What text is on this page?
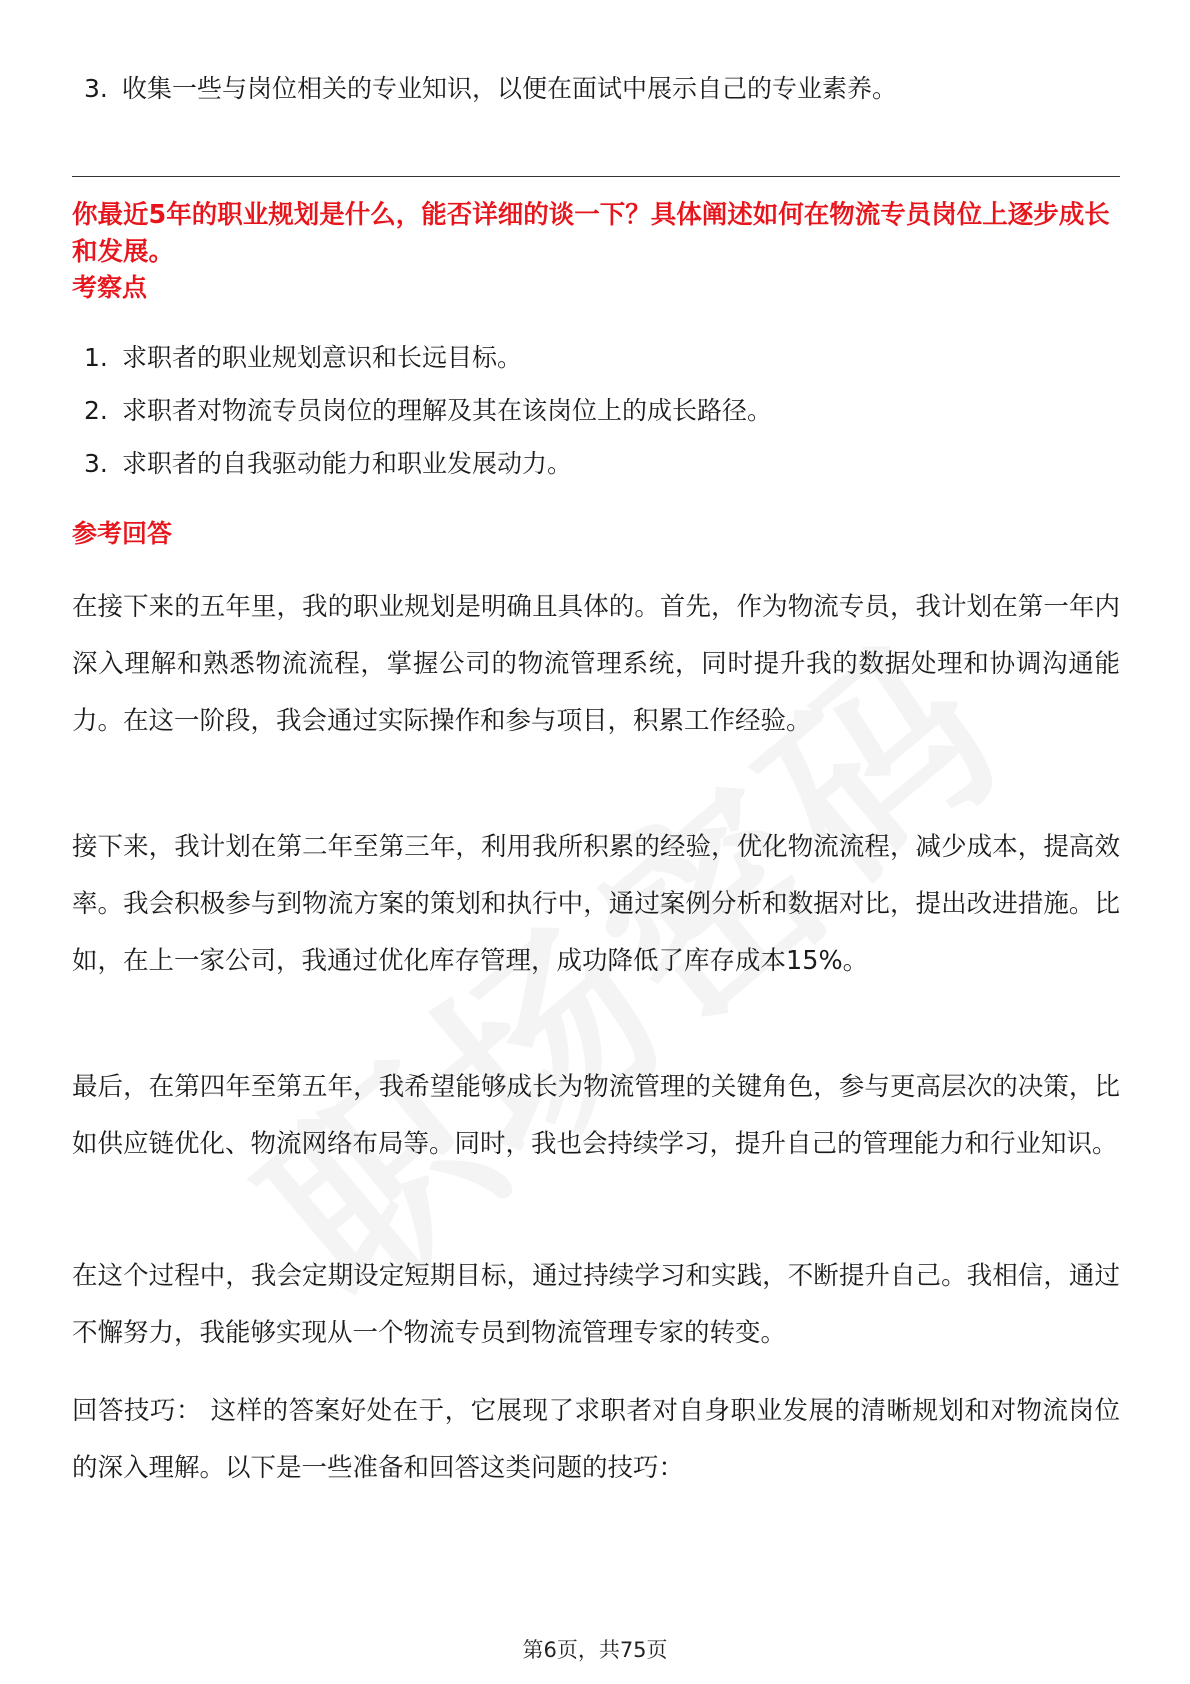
3. 收集一些与岗位相关的专业知识，以便在面试中展示自己的专业素养。
你最近5年的职业规划是什么，能否详细的谈一下？具体阐述如何在物流专员岗位上逐步成长和发展。
考察点
1. 求职者的职业规划意识和长远目标。
2. 求职者对物流专员岗位的理解及其在该岗位上的成长路径。
3. 求职者的自我驱动能力和职业发展动力。
参考回答
在接下来的五年里，我的职业规划是明确且具体的。首先，作为物流专员，我计划在第一年内深入理解和熟悉物流流程，掌握公司的物流管理系统，同时提升我的数据处理和协调沟通能力。在这一阶段，我会通过实际操作和参与项目，积累工作经验。
接下来，我计划在第二年至第三年，利用我所积累的经验，优化物流流程，减少成本，提高效率。我会积极参与到物流方案的策划和执行中，通过案例分析和数据对比，提出改进措施。比如，在上一家公司，我通过优化库存管理，成功降低了库存成本15%。
最后，在第四年至第五年，我希望能够成长为物流管理的关键角色，参与更高层次的决策，比如供应链优化、物流网络布局等。同时，我也会持续学习，提升自己的管理能力和行业知识。
在这个过程中，我会定期设定短期目标，通过持续学习和实践，不断提升自己。我相信，通过不懈努力，我能够实现从一个物流专员到物流管理专家的转变。
回答技巧： 这样的答案好处在于，它展现了求职者对自身职业发展的清晰规划和对物流岗位的深入理解。以下是一些准备和回答这类问题的技巧：
第6页，共75页
